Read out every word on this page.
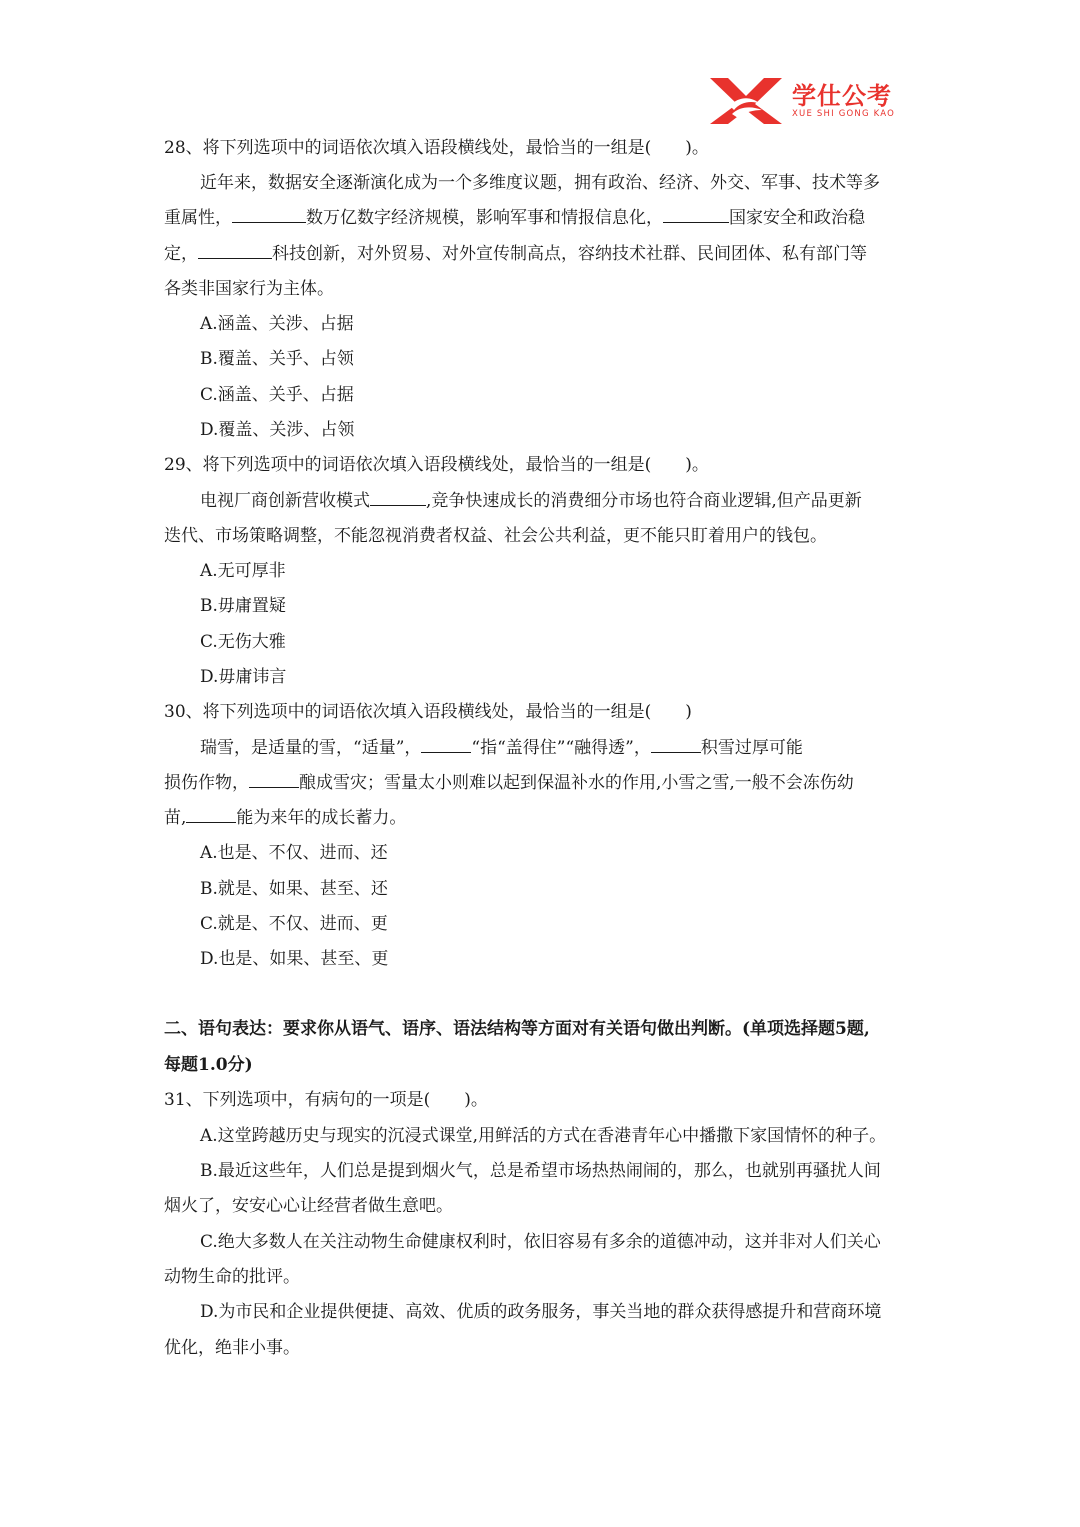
学仕公考
XUE SHI GONG KAO
28、将下列选项中的词语依次填入语段横线处，最恰当的一组是(　　)。
近年来，数据安全逐渐演化成为一个多维度议题，拥有政治、经济、外交、军事、技术等多
重属性，	数万亿数字经济规模，影响军事和情报信息化，	国家安全和政治稳
定，	科技创新，对外贸易、对外宣传制高点，容纳技术社群、民间团体、私有部门等
各类非国家行为主体。
A.涵盖、关涉、占据
B.覆盖、关乎、占领
C.涵盖、关乎、占据
D.覆盖、关涉、占领
29、将下列选项中的词语依次填入语段横线处，最恰当的一组是(　　)。
电视厂商创新营收模式	,竞争快速成长的消费细分市场也符合商业逻辑,但产品更新
迭代、市场策略调整，不能忽视消费者权益、社会公共利益，更不能只盯着用户的钱包。
A.无可厚非
B.毋庸置疑
C.无伤大雅
D.毋庸讳言
30、将下列选项中的词语依次填入语段横线处，最恰当的一组是(　　)
瑞雪，是适量的雪，“适量”，	“指“盖得住”“融得透”，	积雪过厚可能
损伤作物，	酿成雪灾；雪量太小则难以起到保温补水的作用,小雪之雪,一般不会冻伤幼
苗,	能为来年的成长蓄力。
A.也是、不仅、进而、还
B.就是、如果、甚至、还
C.就是、不仅、进而、更
D.也是、如果、甚至、更
二、语句表达：要求你从语气、语序、语法结构等方面对有关语句做出判断。(单项选择题5题,
每题1.0分)
31、下列选项中，有病句的一项是(　　)。
A.这堂跨越历史与现实的沉浸式课堂,用鲜活的方式在香港青年心中播撒下家国情怀的种子。
B.最近这些年，人们总是提到烟火气，总是希望市场热热闹闹的，那么，也就别再骚扰人间
烟火了，安安心心让经营者做生意吧。
C.绝大多数人在关注动物生命健康权利时，依旧容易有多余的道德冲动，这并非对人们关心
动物生命的批评。
D.为市民和企业提供便捷、高效、优质的政务服务，事关当地的群众获得感提升和营商环境
优化，绝非小事。
